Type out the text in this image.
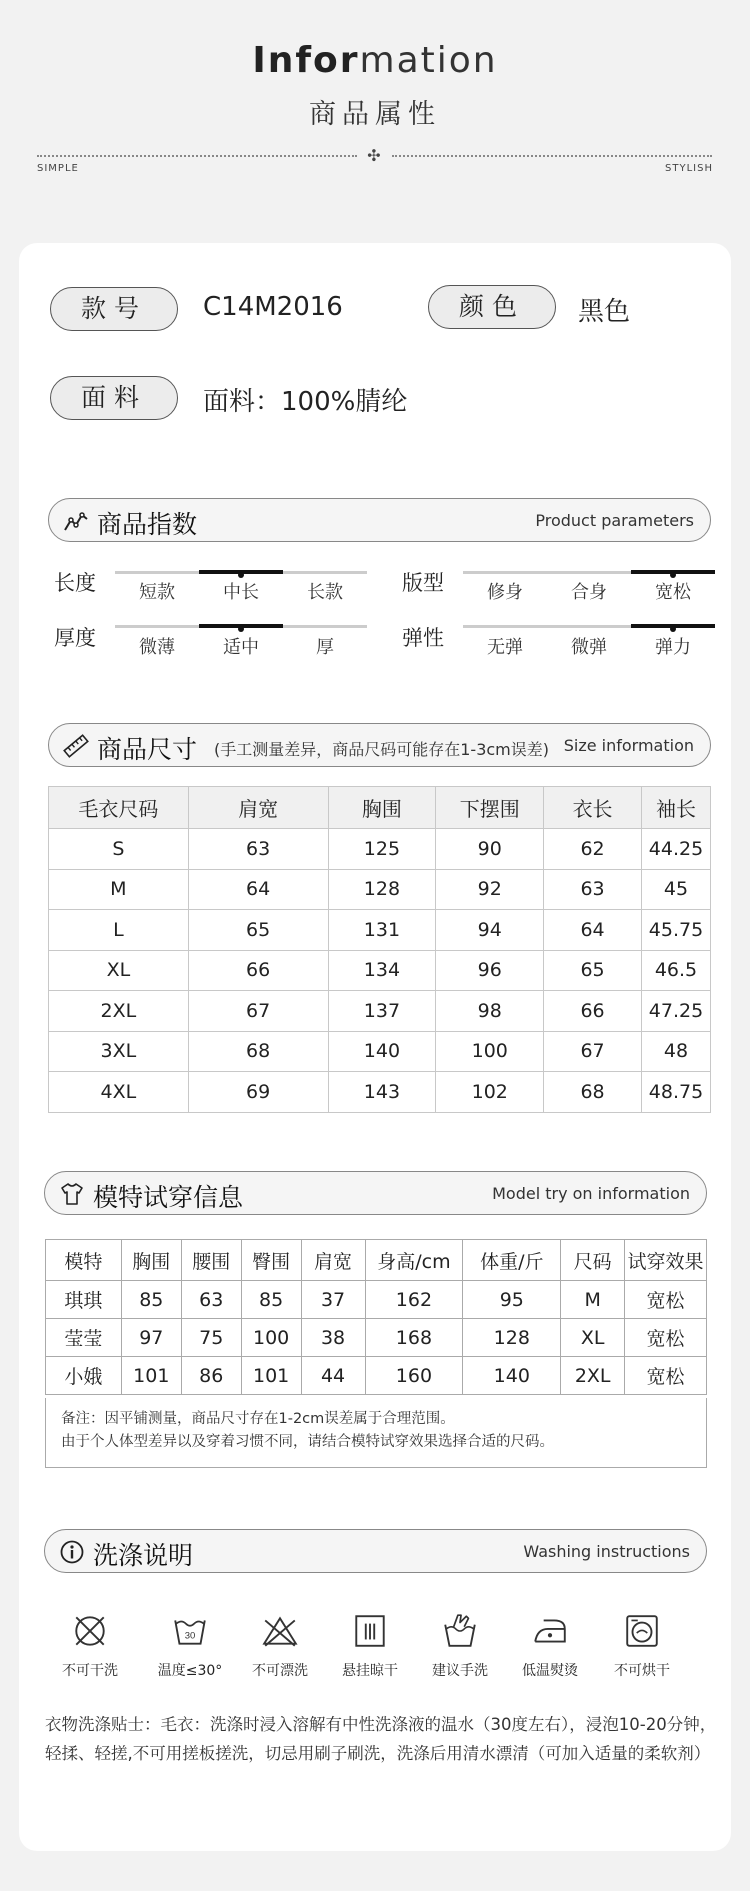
Information
商品属性
✣
SIMPLE	STYLISH
款号	C14M2016	颜色	黑色
面料	面料：100%腈纶
商品指数	Product parameters
长度	短款	中长	长款	版型	修身	合身	宽松
厚度	微薄	适中	厚	弹性	无弹	微弹	弹力
商品尺寸 (手工测量差异，商品尺码可能存在1-3cm误差) Size information
毛衣尺码	肩宽	胸围	下摆围	衣长	袖长
S	63	125	90	62	44.25
M	64	128	92	63	45
L	65	131	94	64	45.75
XL	66	134	96	65	46.5
2XL	67	137	98	66	47.25
3XL	68	140	100	67	48
4XL	69	143	102	68	48.75
模特试穿信息	Model try on information
模特	胸围	腰围	臀围	肩宽	身高/cm	体重/斤	尺码	试穿效果
琪琪	85	63	85	37	162	95	M	宽松
莹莹	97	75	100	38	168	128	XL	宽松
小娥	101	86	101	44	160	140	2XL	宽松
备注：因平铺测量，商品尺寸存在1-2cm误差属于合理范围。
由于个人体型差异以及穿着习惯不同，请结合模特试穿效果选择合适的尺码。
洗涤说明	Washing instructions
不可干洗
30
温度≤30°	不可漂洗	悬挂晾干	建议手洗	低温熨烫	不可烘干
衣物洗涤贴士：毛衣：洗涤时浸入溶解有中性洗涤液的温水（30度左右），浸泡10-20分钟，轻揉、轻搓,不可用搓板搓洗，切忌用刷子刷洗，洗涤后用清水漂清（可加入适量的柔软剂）
